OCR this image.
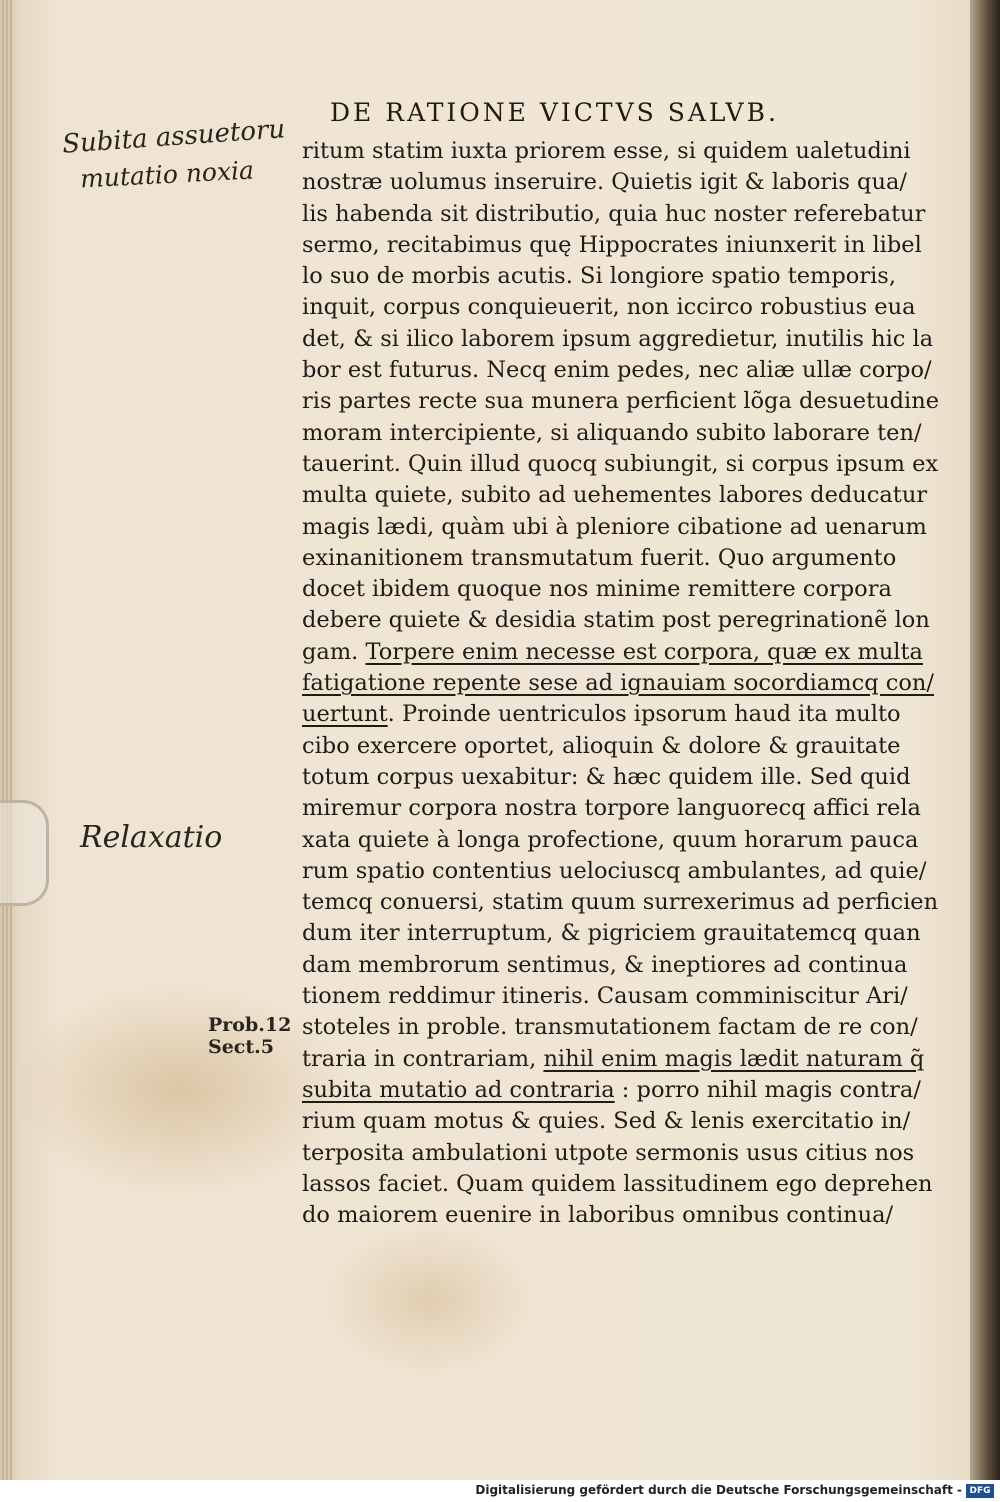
DE RATIONE VICTVS SALVB.
Subita assuetoru
mutatio noxia
Relaxatio
Prob.12
Sect.5
ritum statim iuxta priorem esse, si quidem ualetudini
nostræ uolumus inseruire. Quietis igit & laboris qua/
lis habenda sit distributio, quia huc noster referebatur
sermo, recitabimus quę Hippocrates iniunxerit in libel
lo suo de morbis acutis. Si longiore spatio temporis,
inquit, corpus conquieuerit, non iccirco robustius eua
det, & si ilico laborem ipsum aggredietur, inutilis hic la
bor est futurus. Necq enim pedes, nec aliæ ullæ corpo/
ris partes recte sua munera perficient lõga desuetudine
moram intercipiente, si aliquando subito laborare ten/
tauerint. Quin illud quocq subiungit, si corpus ipsum ex
multa quiete, subito ad uehementes labores deducatur
magis lædi, quàm ubi à pleniore cibatione ad uenarum
exinanitionem transmutatum fuerit. Quo argumento
docet ibidem quoque nos minime remittere corpora
debere quiete & desidia statim post peregrinationẽ lon
gam. Torpere enim necesse est corpora, quæ ex multa
fatigatione repente sese ad ignauiam socordiamcq con/
uertunt. Proinde uentriculos ipsorum haud ita multo
cibo exercere oportet, alioquin & dolore & grauitate
totum corpus uexabitur: & hæc quidem ille. Sed quid
miremur corpora nostra torpore languorecq affici rela
xata quiete à longa profectione, quum horarum pauca
rum spatio contentius uelociuscq ambulantes, ad quie/
temcq conuersi, statim quum surrexerimus ad perficien
dum iter interruptum, & pigriciem grauitatemcq quan
dam membrorum sentimus, & ineptiores ad continua
tionem reddimur itineris. Causam comminiscitur Ari/
stoteles in proble. transmutationem factam de re con/
traria in contrariam, nihil enim magis lædit naturam q̃
subita mutatio ad contraria : porro nihil magis contra/
rium quam motus & quies. Sed & lenis exercitatio in/
terposita ambulationi utpote sermonis usus citius nos
lassos faciet. Quam quidem lassitudinem ego deprehen
do maiorem euenire in laboribus omnibus continua/
Digitalisierung gefördert durch die Deutsche Forschungsgemeinschaft - DFG
